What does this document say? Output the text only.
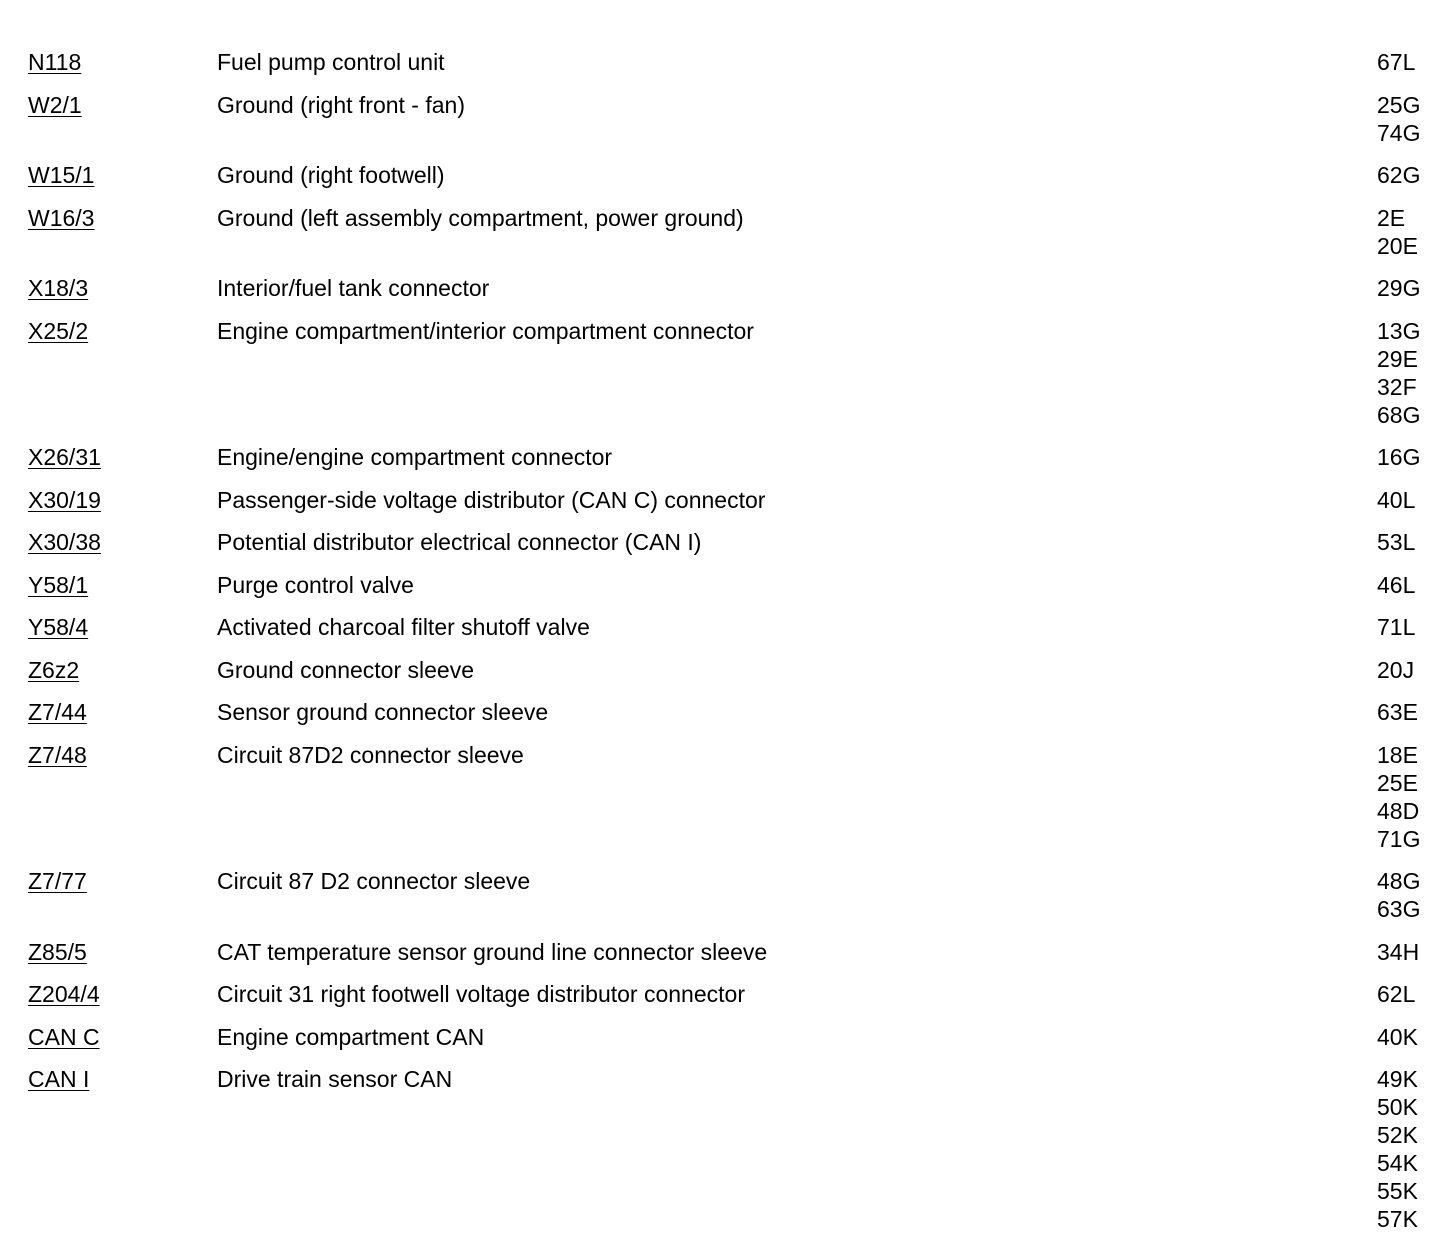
N118	Fuel pump control unit	67L
W2/1	Ground (right front - fan)	25G
74G
W15/1	Ground (right footwell)	62G
W16/3	Ground (left assembly compartment, power ground)	2E
20E
X18/3	Interior/fuel tank connector	29G
X25/2	Engine compartment/interior compartment connector	13G
29E
32F
68G
X26/31	Engine/engine compartment connector	16G
X30/19	Passenger-side voltage distributor (CAN C) connector	40L
X30/38	Potential distributor electrical connector (CAN I)	53L
Y58/1	Purge control valve	46L
Y58/4	Activated charcoal filter shutoff valve	71L
Z6z2	Ground connector sleeve	20J
Z7/44	Sensor ground connector sleeve	63E
Z7/48	Circuit 87D2 connector sleeve	18E
25E
48D
71G
Z7/77	Circuit 87 D2 connector sleeve	48G
63G
Z85/5	CAT temperature sensor ground line connector sleeve	34H
Z204/4	Circuit 31 right footwell voltage distributor connector	62L
CAN C	Engine compartment CAN	40K
CAN I	Drive train sensor CAN	49K
50K
52K
54K
55K
57K
